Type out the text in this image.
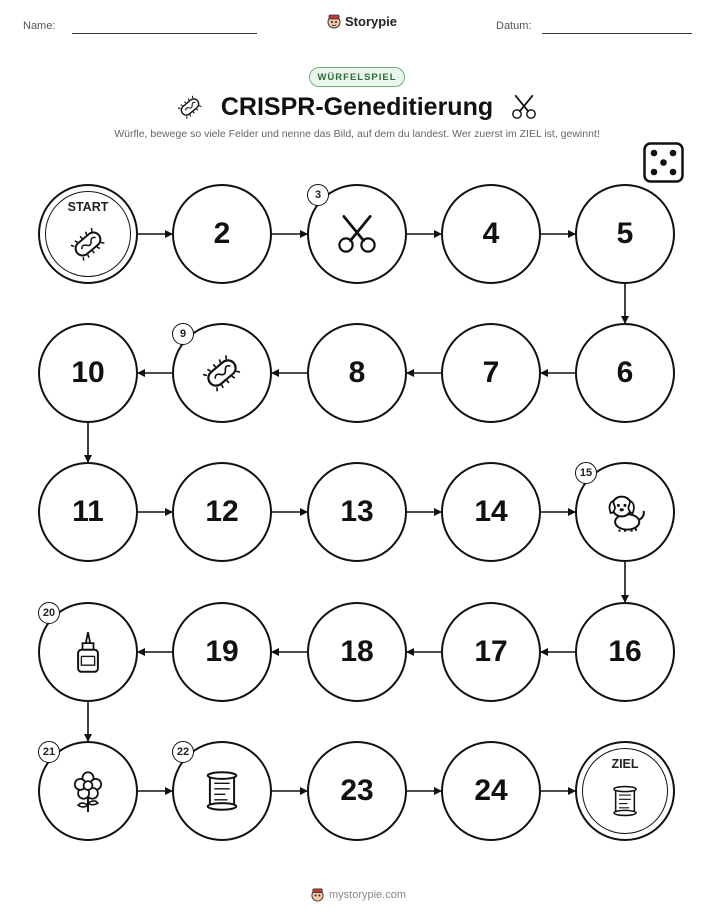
Name:	Storypie	Datum:
WÜRFELSPIEL
CRISPR-Geneditierung
Würfle, bewege so viele Felder und nenne das Bild, auf dem du landest. Wer zuerst im ZIEL ist, gewinnt!
START
2
3
4	5
6
7
8
9
10
11	12	13	14
15
16
17
18
19
20
21	22
23	24
ZIEL
mystorypie.com
